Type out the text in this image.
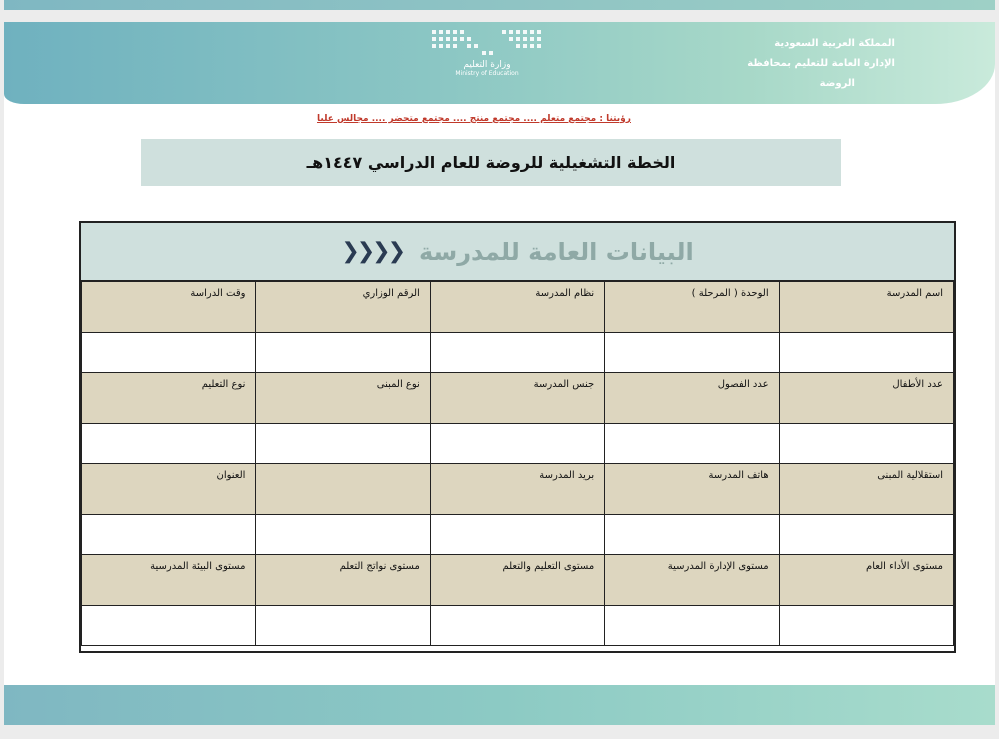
وزارة التعليم
Ministry of Education
المملكة العربية السعودية
الإدارة العامة للتعليم بمحافظة
الروضة
رؤيتنا : مجتمع متعلم .... مجتمع منتج .... مجتمع متحضر .... مجالس عليا
الخطة التشغيلية للروضة للعام الدراسي ١٤٤٧هـ
البيانات العامة للمدرسة
❮❮❮❮
اسم المدرسة	الوحدة ( المرحلة )	نظام المدرسة	الرقم الوزاري	وقت الدراسة

عدد الأطفال	عدد الفصول	جنس المدرسة	نوع المبنى	نوع التعليم

استقلالية المبنى	هاتف المدرسة	بريد المدرسة		العنوان

مستوى الأداء العام	مستوى الإدارة المدرسية	مستوى التعليم والتعلم	مستوى نواتج التعلم	مستوى البيئة المدرسية
